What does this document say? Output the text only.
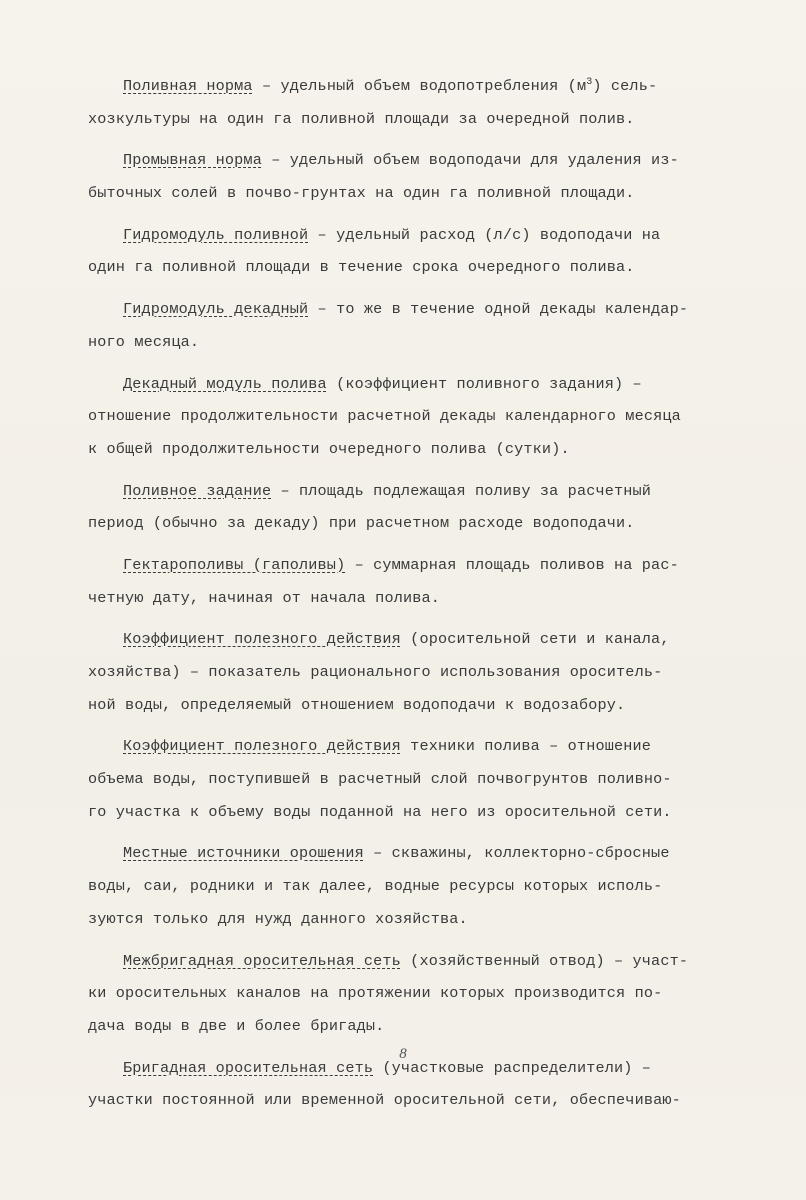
Поливная норма – удельный объем водопотребления $(м^3)$ сель-
хозкультуры на один га поливной площади за очередной полив.
Промывная норма – удельный объем водоподачи для удаления из-
быточных солей в почво-грунтах на один га поливной площади.
Гидромодуль поливной – удельный расход (л/с) водоподачи на
один га поливной площади в течение срока очередного полива.
Гидромодуль декадный – то же в течение одной декады календар-
ного месяца.
Декадный модуль полива (коэффициент поливного задания) –
отношение продолжительности расчетной декады календарного месяца
к общей продолжительности очередного полива (сутки).
Поливное задание – площадь подлежащая поливу за расчетный
период (обычно за декаду) при расчетном расходе водоподачи.
Гектарополивы (гаполивы) – суммарная площадь поливов на рас-
четную дату, начиная от начала полива.
Коэффициент полезного действия (оросительной сети и канала,
хозяйства) – показатель рационального использования ороситель-
ной воды, определяемый отношением водоподачи к водозабору.
Коэффициент полезного действия техники полива – отношение
объема воды, поступившей в расчетный слой почвогрунтов поливно-
го участка к объему воды поданной на него из оросительной сети.
Местные источники орошения – скважины, коллекторно-сбросные
воды, саи, родники и так далее, водные ресурсы которых исполь-
зуются только для нужд данного хозяйства.
Межбригадная оросительная сеть (хозяйственный отвод) – участ-
ки оросительных каналов на протяжении которых производится по-
дача воды в две и более бригады.
Бригадная оросительная сеть (участковые распределители) –
участки постоянной или временной оросительной сети, обеспечиваю-
8
